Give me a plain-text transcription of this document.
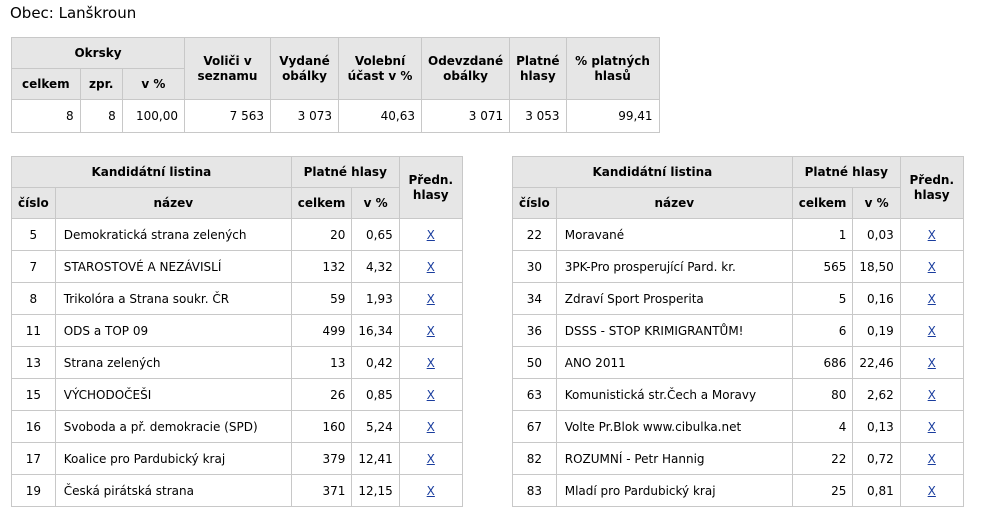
Obec: Lanškroun
Okrsky			Voliči v seznamu	Vydané obálky	Volební účast v %	Odevzdané obálky	Platné hlasy	% platných hlasů
celkem	zpr.	v %						
8	8	100,00	7 563	3 073	40,63	3 071	3 053	99,41
Kandidátní listina		Platné hlasy		Předn. hlasy
číslo	název	celkem	v %	
5	Demokratická strana zelených	20	0,65	X
7	STAROSTOVÉ A NEZÁVISLÍ	132	4,32	X
8	Trikolóra a Strana soukr. ČR	59	1,93	X
11	ODS a TOP 09	499	16,34	X
13	Strana zelených	13	0,42	X
15	VÝCHODOČEŠI	26	0,85	X
16	Svoboda a př. demokracie (SPD)	160	5,24	X
17	Koalice pro Pardubický kraj	379	12,41	X
19	Česká pirátská strana	371	12,15	X
Kandidátní listina		Platné hlasy		Předn. hlasy
číslo	název	celkem	v %	
22	Moravané	1	0,03	X
30	3PK-Pro prosperující Pard. kr.	565	18,50	X
34	Zdraví Sport Prosperita	5	0,16	X
36	DSSS - STOP KRIMIGRANTŮM!	6	0,19	X
50	ANO 2011	686	22,46	X
63	Komunistická str.Čech a Moravy	80	2,62	X
67	Volte Pr.Blok www.cibulka.net	4	0,13	X
82	ROZUMNÍ - Petr Hannig	22	0,72	X
83	Mladí pro Pardubický kraj	25	0,81	X
